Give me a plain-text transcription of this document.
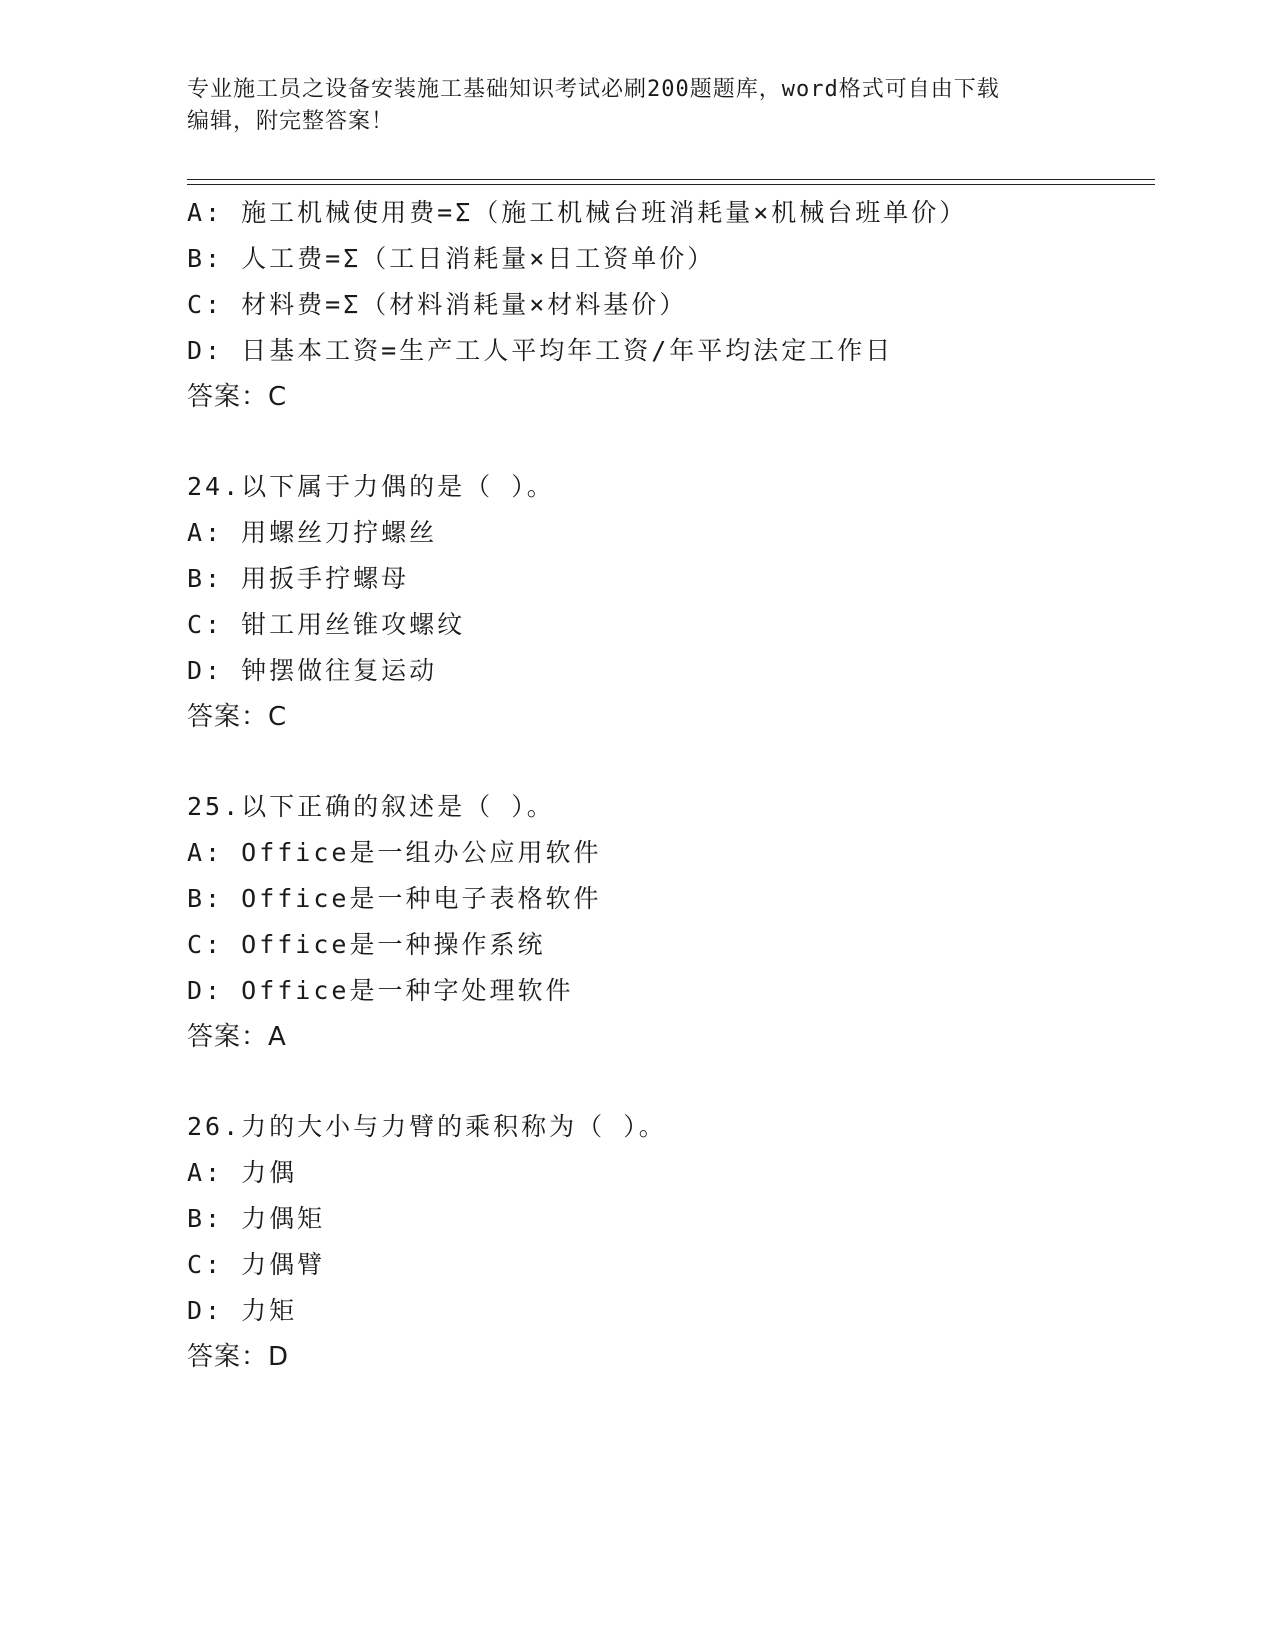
专业施工员之设备安装施工基础知识考试必刷200题题库，word格式可自由下载
编辑，附完整答案！
A: 施工机械使用费=Σ（施工机械台班消耗量×机械台班单价）
B: 人工费=Σ（工日消耗量×日工资单价）
C: 材料费=Σ（材料消耗量×材料基价）
D: 日基本工资=生产工人平均年工资/年平均法定工作日
答案：C
24.以下属于力偶的是（ ）。
A: 用螺丝刀拧螺丝
B: 用扳手拧螺母
C: 钳工用丝锥攻螺纹
D: 钟摆做往复运动
答案：C
25.以下正确的叙述是（ ）。
A: Office是一组办公应用软件
B: Office是一种电子表格软件
C: Office是一种操作系统
D: Office是一种字处理软件
答案：A
26.力的大小与力臂的乘积称为（ ）。
A: 力偶
B: 力偶矩
C: 力偶臂
D: 力矩
答案：D
